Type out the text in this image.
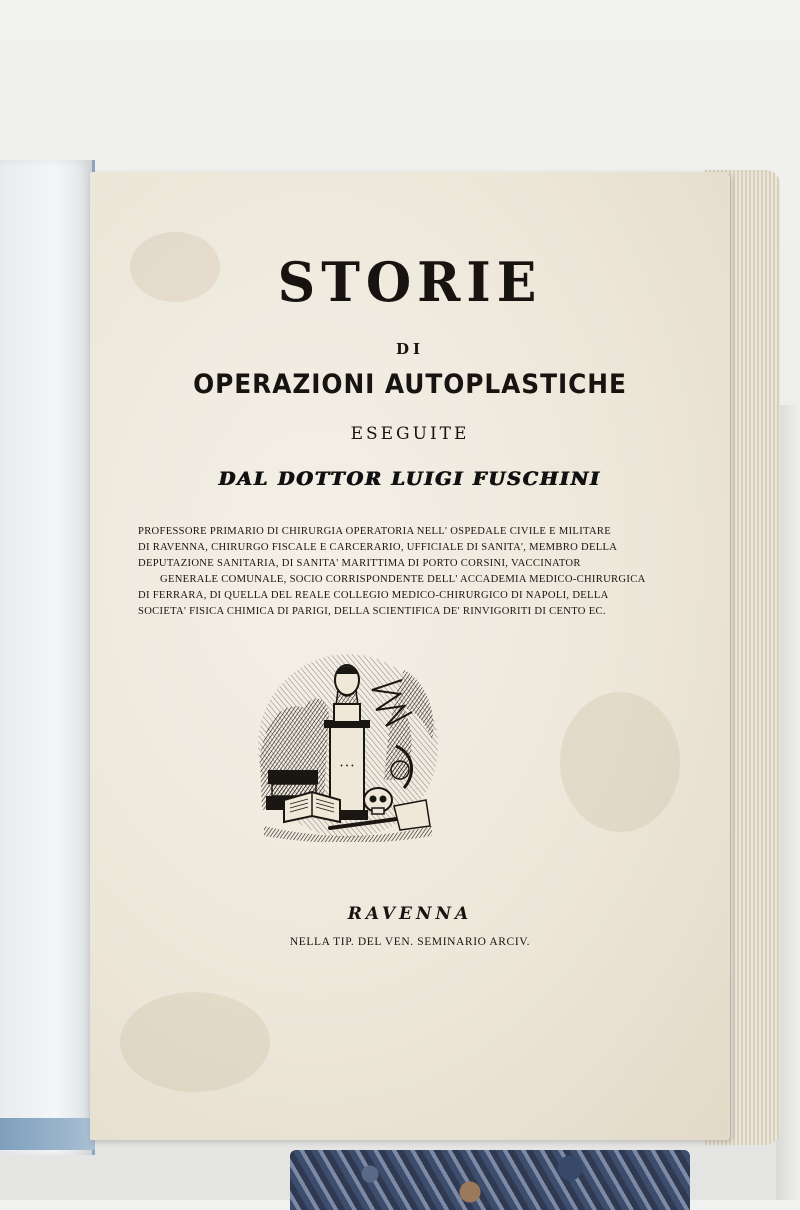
STORIE

DI

OPERAZIONI AUTOPLASTICHE

ESEGUITE

DAL DOTTOR LUIGI FUSCHINI

PROFESSORE PRIMARIO DI CHIRURGIA OPERATORIA NELL' OSPEDALE CIVILE E MILITARE
DI RAVENNA, CHIRURGO FISCALE E CARCERARIO, UFFICIALE DI SANITA', MEMBRO DELLA
DEPUTAZIONE SANITARIA, DI SANITA' MARITTIMA DI PORTO CORSINI, VACCINATOR
GENERALE COMUNALE, SOCIO CORRISPONDENTE DELL' ACCADEMIA MEDICO-CHIRURGICA
DI FERRARA, DI QUELLA DEL REALE COLLEGIO MEDICO-CHIRURGICO DI NAPOLI, DELLA
SOCIETA' FISICA CHIMICA DI PARIGI, DELLA SCIENTIFICA DE' RINVIGORITI DI CENTO EC.
• • •

RAVENNA

NELLA TIP. DEL VEN. SEMINARIO ARCIV.
